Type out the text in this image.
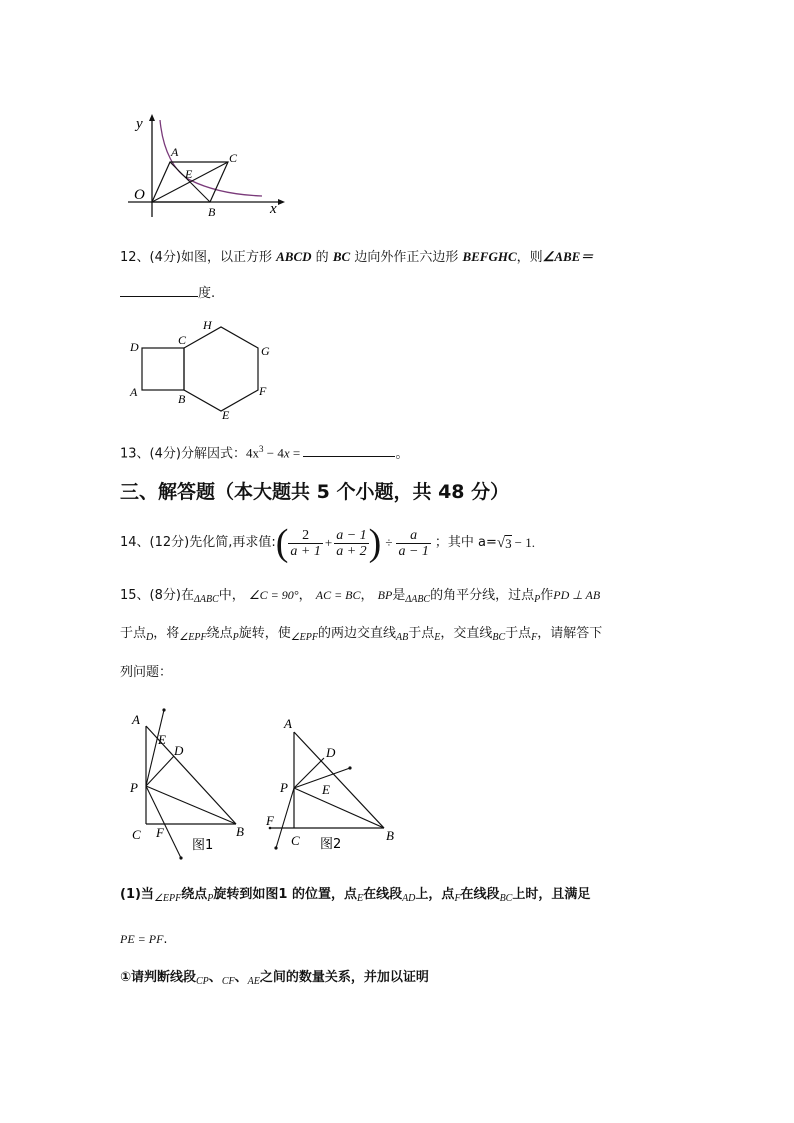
y
x
O
A	C
E
B
12、(4分)如图，以正方形 ABCD 的 BC 边向外作正六边形 BEFGHC，则∠ABE＝
度.
D	C
H
G
A	B
F
E
13、(4分)分解因式：$4x^3 - 4x$ =	。
三、解答题（本大题共 5 个小题，共 48 分）
14、(12分) 先化简,再求值: ( $\frac{2}{a + 1} + \frac{a - 1}{a + 2}$ ) ÷ $\frac{a}{a - 1}$ ；其中 a= √ 3 − 1.
15、(8分)在$_{\Delta ABC}$中， ∠C = 90°， AC = BC， BP是$_{\Delta ABC}$的角平分线，过点$_P$作PD ⊥ AB
于点$_D$，将$_{\angle EPF}$绕点$_P$旋转，使$_{\angle EPF}$的两边交直线$_{AB}$于点$_E$，交直线$_{BC}$于点$_F$，请解答下
列问题：
A
E
D
P
C F	B
图1
A
D
P	E
F
C	B
图2
(1)当$_{\angle EPF}$绕点$_P$旋转到如图1 的位置，点$_E$在线段$_{AD}$上，点$_F$在线段$_{BC}$上时，且满足
PE = PF.
①请判断线段$_{CP}$、$_{CF}$、$_{AE}$之间的数量关系，并加以证明
